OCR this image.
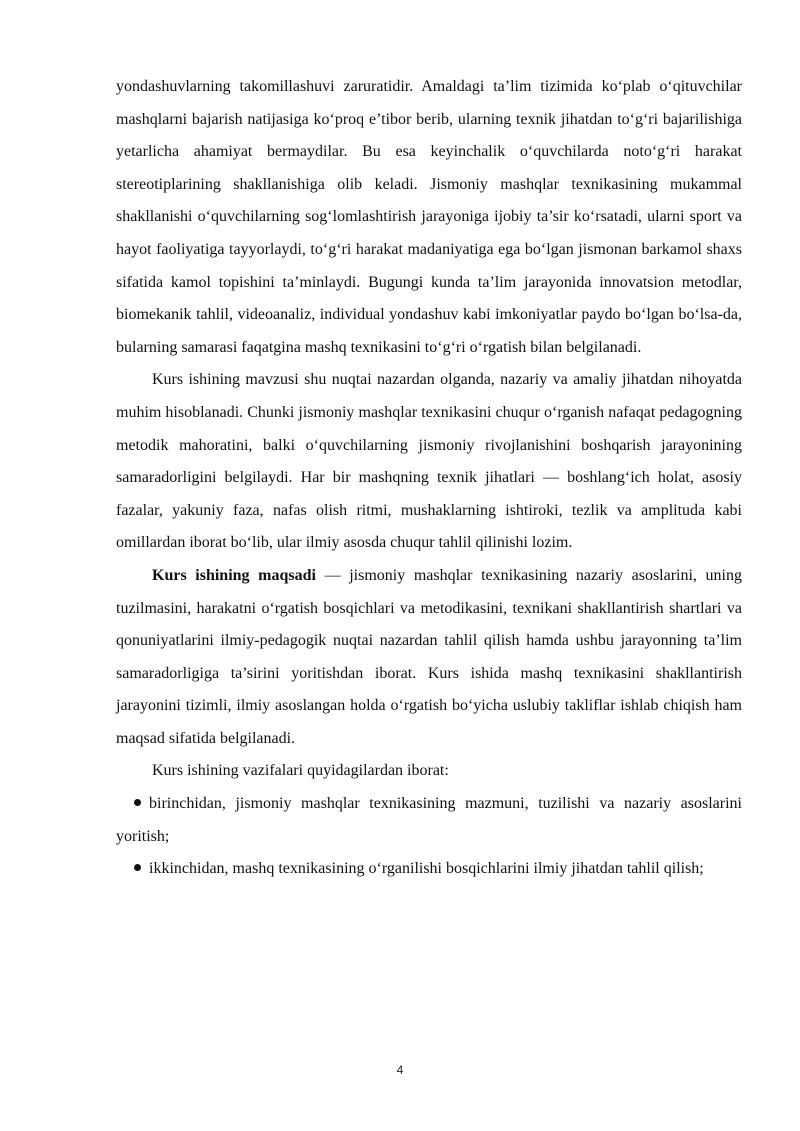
yondashuvlarning takomillashuvi zaruratidir. Amaldagi ta’lim tizimida ko‘plab o‘qituvchilar mashqlarni bajarish natijasiga ko‘proq e’tibor berib, ularning texnik jihatdan to‘g‘ri bajarilishiga yetarlicha ahamiyat bermaydilar. Bu esa keyinchalik o‘quvchilarda noto‘g‘ri harakat stereotiplarining shakllanishiga olib keladi. Jismoniy mashqlar texnikasining mukammal shakllanishi o‘quvchilarning sog‘lomlashtirish jarayoniga ijobiy ta’sir ko‘rsatadi, ularni sport va hayot faoliyatiga tayyorlaydi, to‘g‘ri harakat madaniyatiga ega bo‘lgan jismonan barkamol shaxs sifatida kamol topishini ta’minlaydi. Bugungi kunda ta’lim jarayonida innovatsion metodlar, biomekanik tahlil, videoanaliz, individual yondashuv kabi imkoniyatlar paydo bo‘lgan bo‘lsa-da, bularning samarasi faqatgina mashq texnikasini to‘g‘ri o‘rgatish bilan belgilanadi.

Kurs ishining mavzusi shu nuqtai nazardan olganda, nazariy va amaliy jihatdan nihoyatda muhim hisoblanadi. Chunki jismoniy mashqlar texnikasini chuqur o‘rganish nafaqat pedagogning metodik mahoratini, balki o‘quvchilarning jismoniy rivojlanishini boshqarish jarayonining samaradorligini belgilaydi. Har bir mashqning texnik jihatlari — boshlang‘ich holat, asosiy fazalar, yakuniy faza, nafas olish ritmi, mushaklarning ishtiroki, tezlik va amplituda kabi omillardan iborat bo‘lib, ular ilmiy asosda chuqur tahlil qilinishi lozim.

Kurs ishining maqsadi — jismoniy mashqlar texnikasining nazariy asoslarini, uning tuzilmasini, harakatni o‘rgatish bosqichlari va metodikasini, texnikani shakllantirish shartlari va qonuniyatlarini ilmiy-pedagogik nuqtai nazardan tahlil qilish hamda ushbu jarayonning ta’lim samaradorligiga ta’sirini yoritishdan iborat. Kurs ishida mashq texnikasini shakllantirish jarayonini tizimli, ilmiy asoslangan holda o‘rgatish bo‘yicha uslubiy takliflar ishlab chiqish ham maqsad sifatida belgilanadi.

Kurs ishining vazifalari quyidagilardan iborat:

birinchidan, jismoniy mashqlar texnikasining mazmuni, tuzilishi va nazariy asoslarini yoritish;

ikkinchidan, mashq texnikasining o‘rganilishi bosqichlarini ilmiy jihatdan tahlil qilish;

4
